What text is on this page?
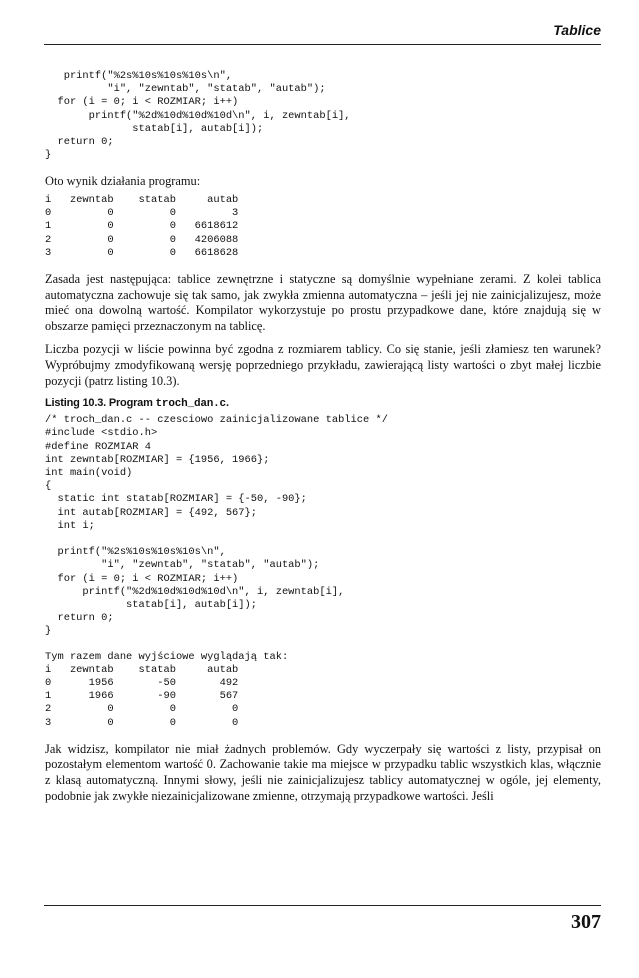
Tablice
printf("%2s%10s%10s%10s\n",
"i", "zewntab", "statab", "autab");
for (i = 0; i < ROZMIAR; i++)
printf("%2d%10d%10d%10d\n", i, zewntab[i],
statab[i], autab[i]);
return 0;
}

Oto wynik działania programu:

i   zewntab    statab     autab
0         0         0         3
1         0         0   6618612
2         0         0   4206088
3         0         0   6618628

Zasada jest następująca: tablice zewnętrzne i statyczne są domyślnie wypełniane zerami. Z kolei tablica automatyczna zachowuje się tak samo, jak zwykła zmienna automatyczna – jeśli jej nie zainicjalizujesz, może mieć ona dowolną wartość. Kompilator wykorzystuje po prostu przypadkowe dane, które znajdują się w obszarze pamięci przeznaczonym na tablicę.

Liczba pozycji w liście powinna być zgodna z rozmiarem tablicy. Co się stanie, jeśli złamiesz ten warunek? Wypróbujmy zmodyfikowaną wersję poprzedniego przykładu, zawierającą listy wartości o zbyt małej liczbie pozycji (patrz listing 10.3).

Listing 10.3. Program troch_dan.c.

/* troch_dan.c -- czesciowo zainicjalizowane tablice */
#include <stdio.h>
#define ROZMIAR 4
int zewntab[ROZMIAR] = {1956, 1966};
int main(void)
{
static int statab[ROZMIAR] = {-50, -90};
int autab[ROZMIAR] = {492, 567};
int i;

printf("%2s%10s%10s%10s\n",
"i", "zewntab", "statab", "autab");
for (i = 0; i < ROZMIAR; i++)
printf("%2d%10d%10d%10d\n", i, zewntab[i],
statab[i], autab[i]);
return 0;
}
Tym razem dane wyjściowe wyglądają tak:
i   zewntab    statab     autab
0      1956       -50       492
1      1966       -90       567
2         0         0         0
3         0         0         0

Jak widzisz, kompilator nie miał żadnych problemów. Gdy wyczerpały się wartości z listy, przypisał on pozostałym elementom wartość 0. Zachowanie takie ma miejsce w przypadku tablic wszystkich klas, włącznie z klasą automatyczną. Innymi słowy, jeśli nie zainicjalizujesz tablicy automatycznej w ogóle, jej elementy, podobnie jak zwykłe niezainicjalizowane zmienne, otrzymają przypadkowe wartości. Jeśli

307
